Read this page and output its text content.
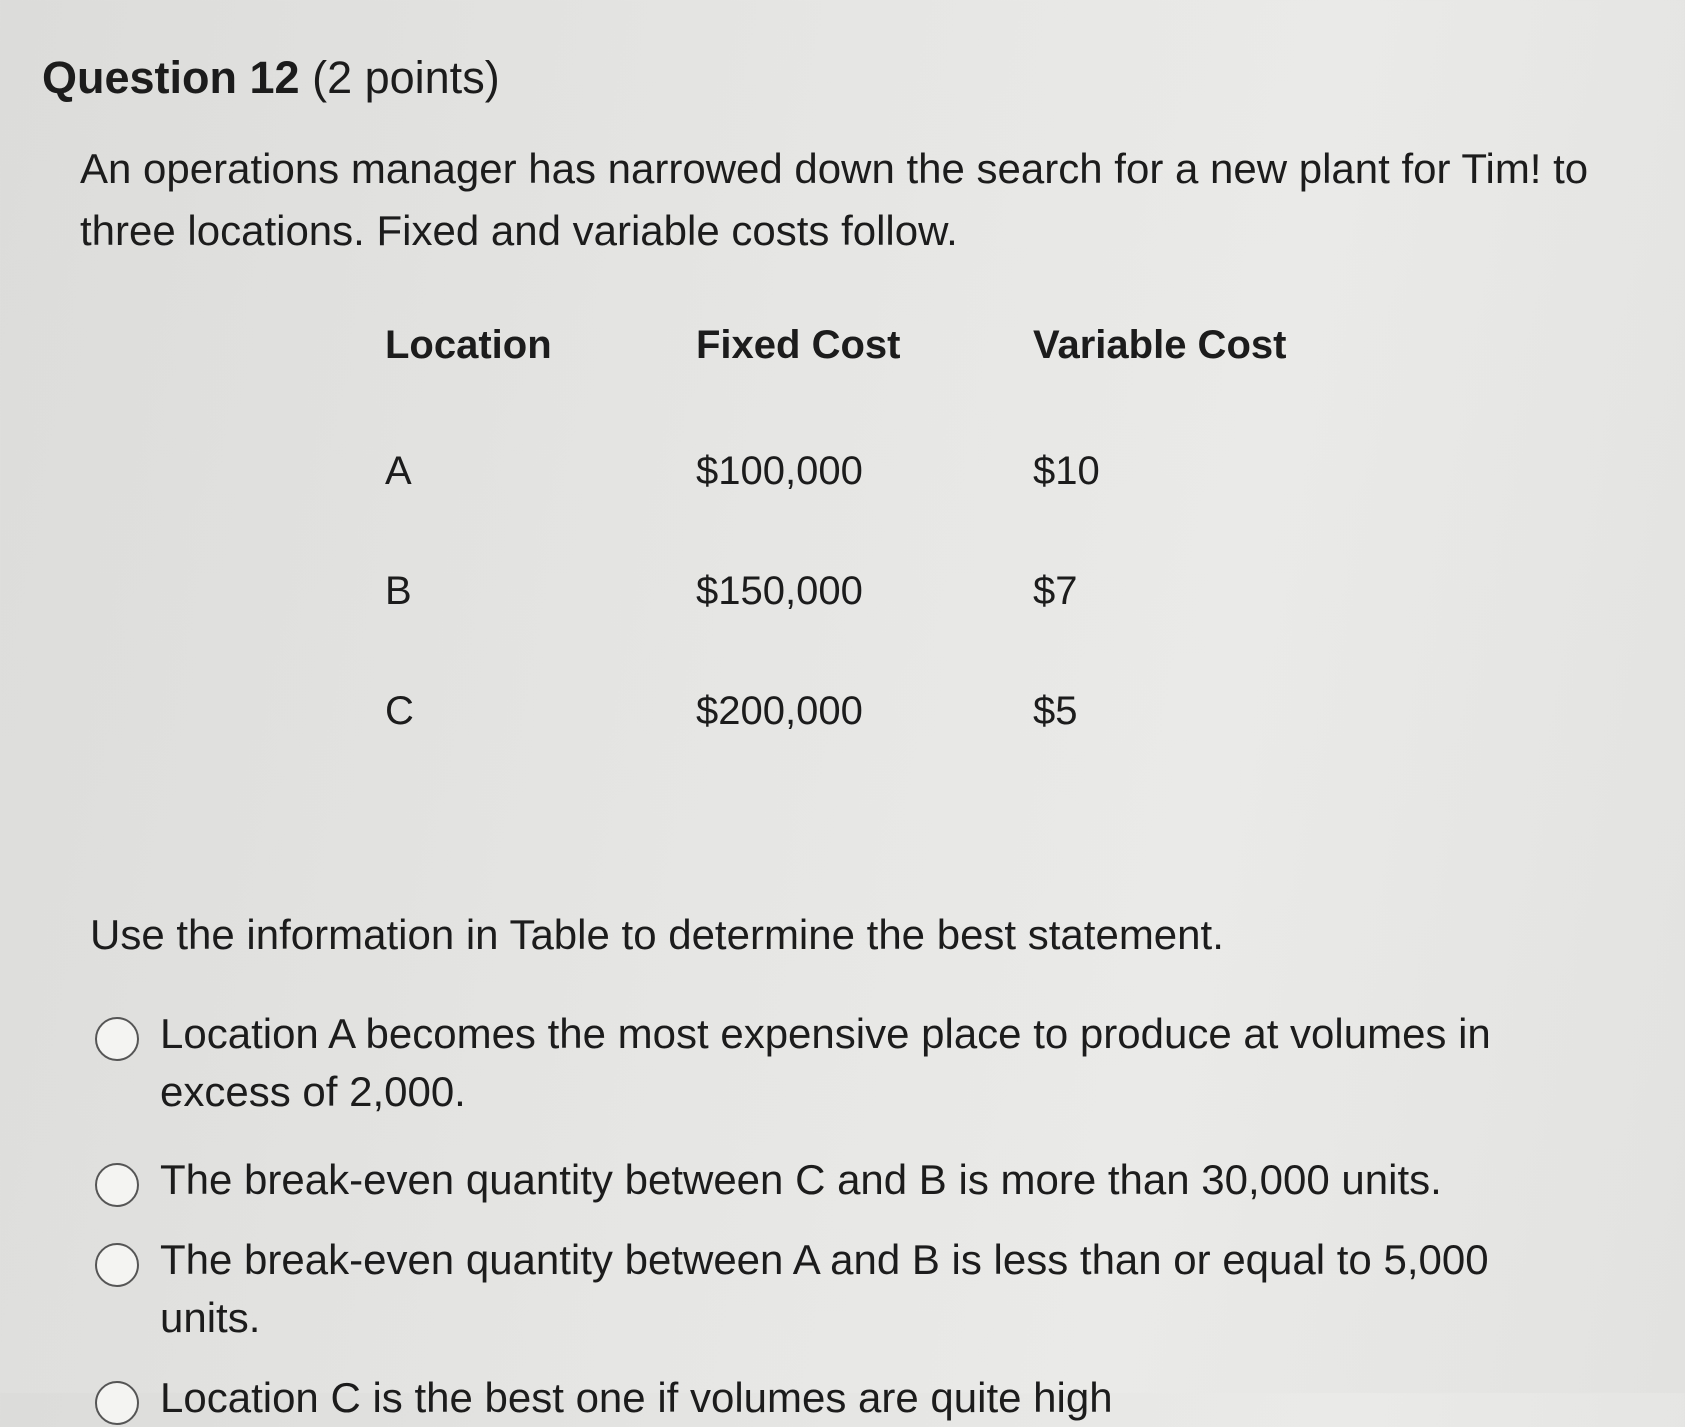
Question 12 (2 points)
An operations manager has narrowed down the search for a new plant for Tim! to three locations. Fixed and variable costs follow.
Location	Fixed Cost	Variable Cost
A	$100,000	$10
B	$150,000	$7
C	$200,000	$5
Use the information in Table to determine the best statement.
Location A becomes the most expensive place to produce at volumes in excess of 2,000.
The break-even quantity between C and B is more than 30,000 units.
The break-even quantity between A and B is less than or equal to 5,000 units.
Location C is the best one if volumes are quite high
